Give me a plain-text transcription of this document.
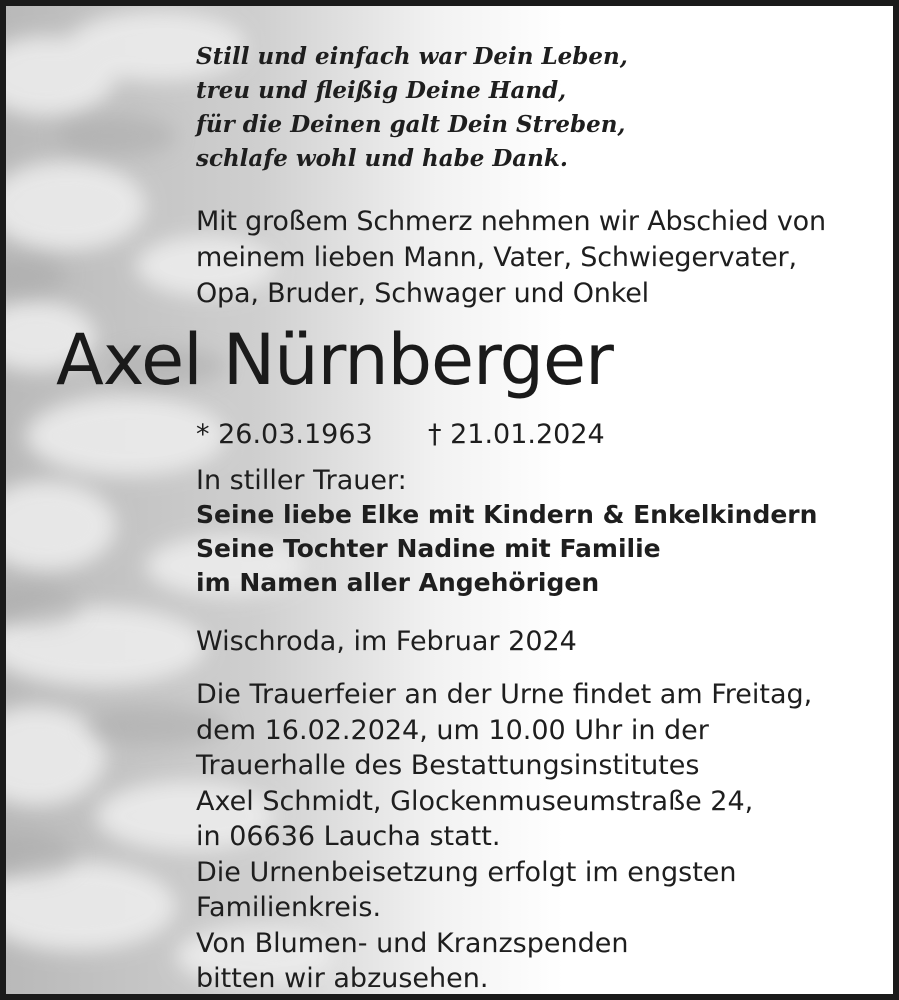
Still und einfach war Dein Leben,
treu und fleißig Deine Hand,
für die Deinen galt Dein Streben,
schlafe wohl und habe Dank.
Mit großem Schmerz nehmen wir Abschied von
meinem lieben Mann, Vater, Schwiegervater,
Opa, Bruder, Schwager und Onkel
Axel Nürnberger
* 26.03.1963 † 21.01.2024
In stiller Trauer:
Seine liebe Elke mit Kindern & Enkelkindern
Seine Tochter Nadine mit Familie
im Namen aller Angehörigen
Wischroda, im Februar 2024
Die Trauerfeier an der Urne findet am Freitag,
dem 16.02.2024, um 10.00 Uhr in der
Trauerhalle des Bestattungsinstitutes
Axel Schmidt, Glockenmuseumstraße 24,
in 06636 Laucha statt.
Die Urnenbeisetzung erfolgt im engsten
Familienkreis.
Von Blumen- und Kranzspenden
bitten wir abzusehen.
